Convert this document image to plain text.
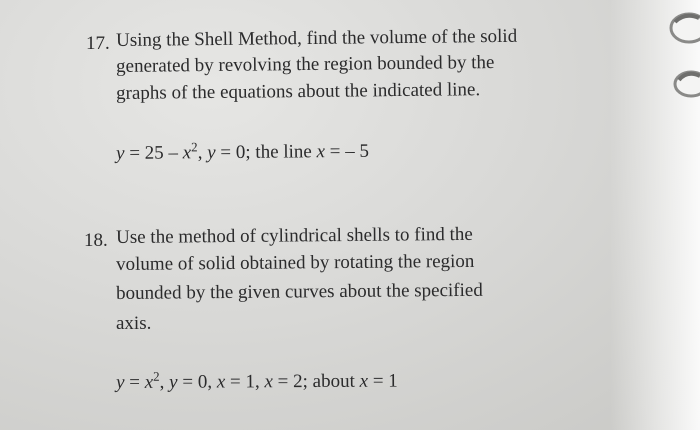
17. Using the Shell Method, find the volume of the solid
generated by revolving the region bounded by the
graphs of the equations about the indicated line.
$y = 25 - x^2$, y = 0; the line x = – 5
18. Use the method of cylindrical shells to find the
volume of solid obtained by rotating the region
bounded by the given curves about the specified
axis.
$y = x^2$, y = 0, x = 1, x = 2; about x = 1
